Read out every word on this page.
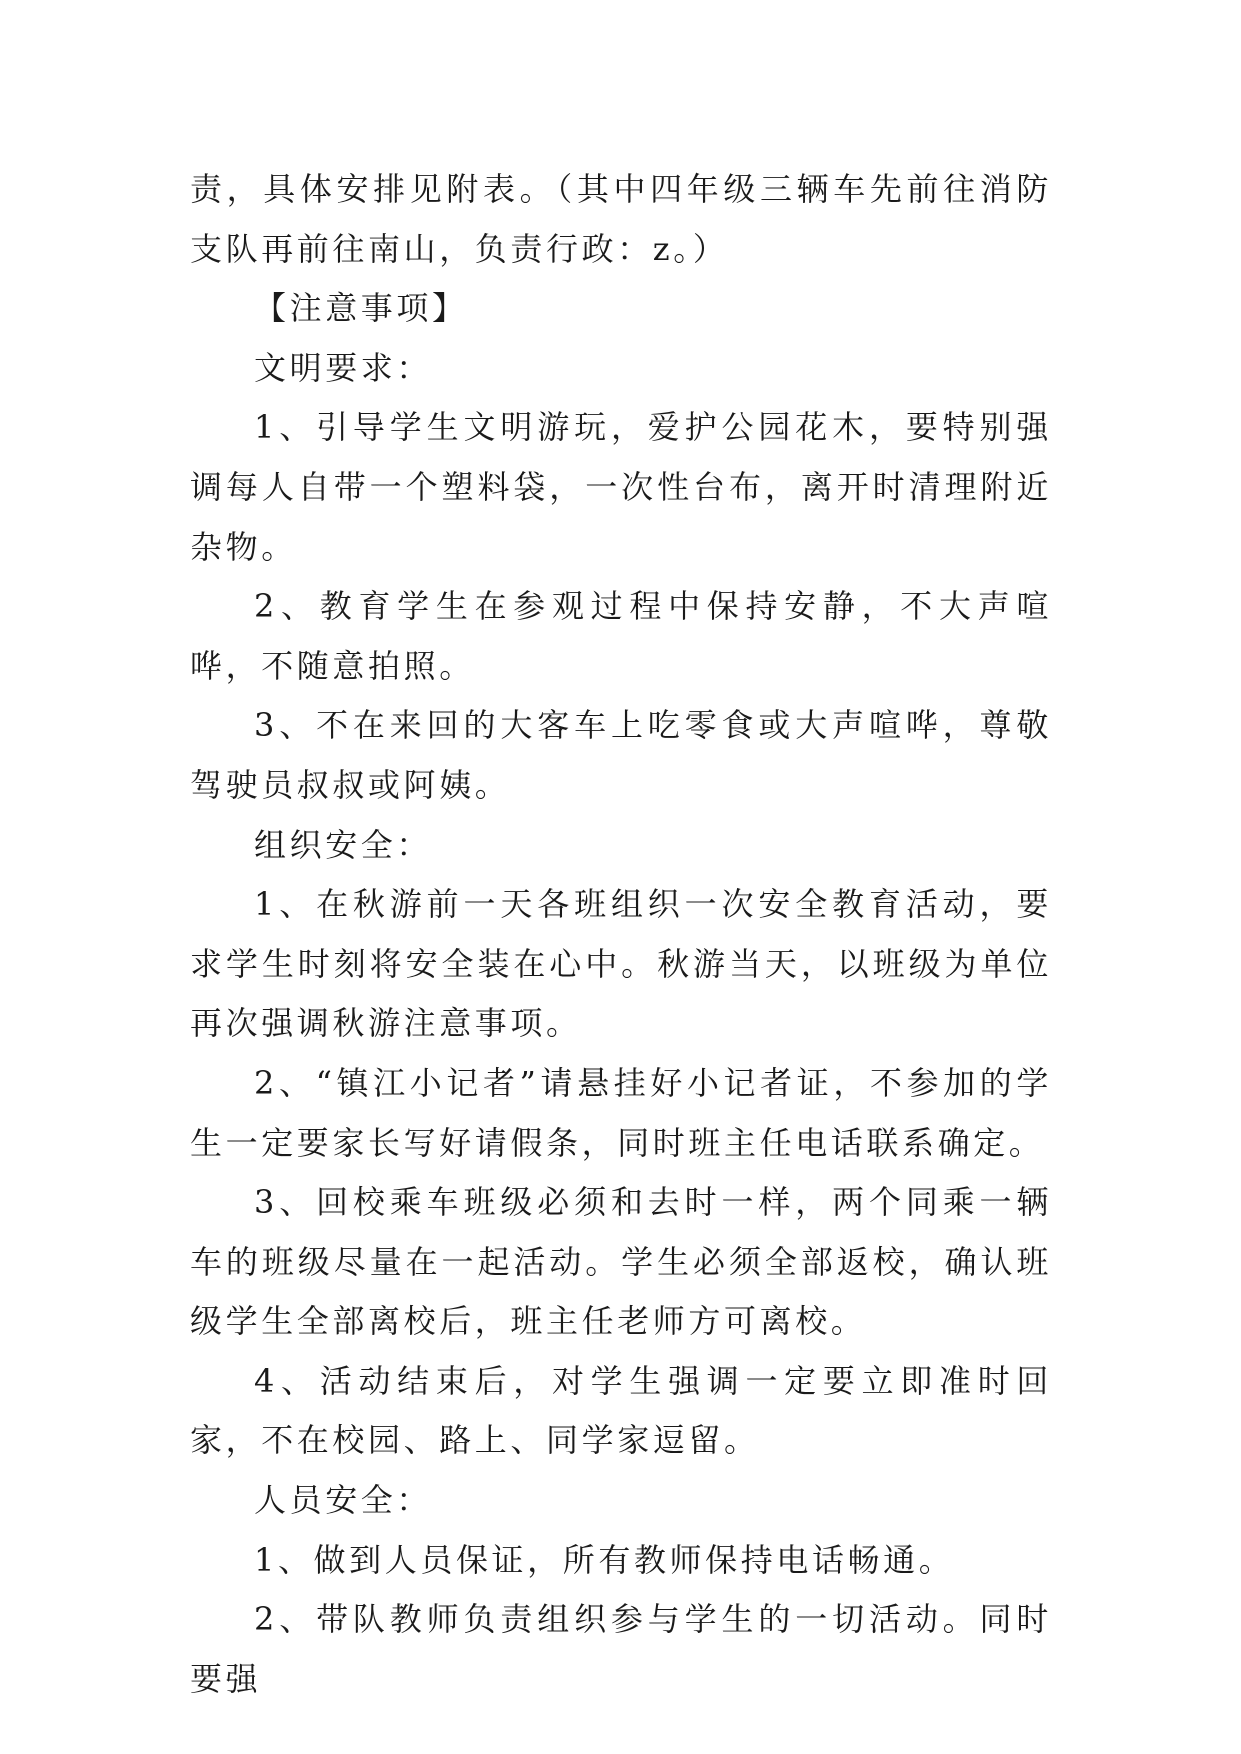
责，具体安排见附表。（其中四年级三辆车先前往消防支队再前往南山，负责行政：z。）

【注意事项】

文明要求：

1、引导学生文明游玩，爱护公园花木，要特别强调每人自带一个塑料袋，一次性台布，离开时清理附近杂物。

2、教育学生在参观过程中保持安静，不大声喧哗，不随意拍照。

3、不在来回的大客车上吃零食或大声喧哗，尊敬驾驶员叔叔或阿姨。

组织安全：

1、在秋游前一天各班组织一次安全教育活动，要求学生时刻将安全装在心中。秋游当天，以班级为单位再次强调秋游注意事项。

2、“镇江小记者”请悬挂好小记者证，不参加的学生一定要家长写好请假条，同时班主任电话联系确定。

3、回校乘车班级必须和去时一样，两个同乘一辆车的班级尽量在一起活动。学生必须全部返校，确认班级学生全部离校后，班主任老师方可离校。

4、活动结束后，对学生强调一定要立即准时回家，不在校园、路上、同学家逗留。

人员安全：

1、做到人员保证，所有教师保持电话畅通。

2、带队教师负责组织参与学生的一切活动。同时要强
